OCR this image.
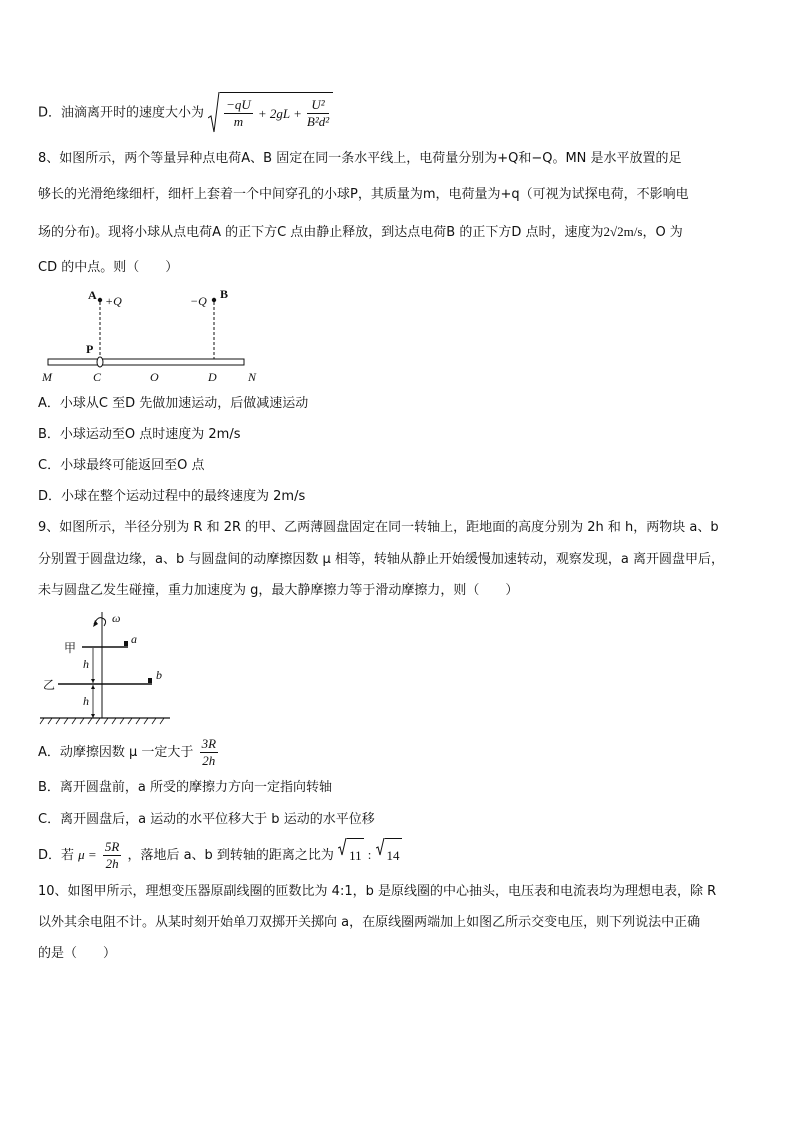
D．油滴离开时的速度大小为 $\frac{-qU}{m} + 2gL + \frac{\text{U²}}{\text{B²d²}}$
8、如图所示，两个等量异种点电荷A、B 固定在同一条水平线上，电荷量分别为+Q和−Q。MN 是水平放置的足
够长的光滑绝缘细杆，细杆上套着一个中间穿孔的小球P，其质量为m，电荷量为+q（可视为试探电荷，不影响电
场的分布)。现将小球从点电荷A 的正下方C 点由静止释放，到达点电荷B 的正下方D 点时，速度为2√2m/s，O 为
CD 的中点。则（　　）
A +Q	−Q B
P
M	C	O	D	N
A．小球从C 至D 先做加速运动，后做减速运动
B．小球运动至O 点时速度为 2m/s
C．小球最终可能返回至O 点
D．小球在整个运动过程中的最终速度为 2m/s
9、如图所示，半径分别为 R 和 2R 的甲、乙两薄圆盘固定在同一转轴上，距地面的高度分别为 2h 和 h，两物块 a、b
分别置于圆盘边缘，a、b 与圆盘间的动摩擦因数 μ 相等，转轴从静止开始缓慢加速转动，观察发现，a 离开圆盘甲后，
未与圆盘乙发生碰撞，重力加速度为 g，最大静摩擦力等于滑动摩擦力，则（　　）
ω
甲
a
乙
b
h
h
A．动摩擦因数 μ 一定大于 $\frac{3R}{2h}$
B．离开圆盘前，a 所受的摩擦力方向一定指向转轴
C．离开圆盘后，a 运动的水平位移大于 b 运动的水平位移
D．若 $\mu = \frac{5R}{2h}$ ，落地后 a、b 到转轴的距离之比为 11 : 14
10、如图甲所示，理想变压器原副线圈的匝数比为 4:1，b 是原线圈的中心抽头，电压表和电流表均为理想电表，除 R
以外其余电阻不计。从某时刻开始单刀双掷开关掷向 a，在原线圈两端加上如图乙所示交变电压，则下列说法中正确
的是（　　）
